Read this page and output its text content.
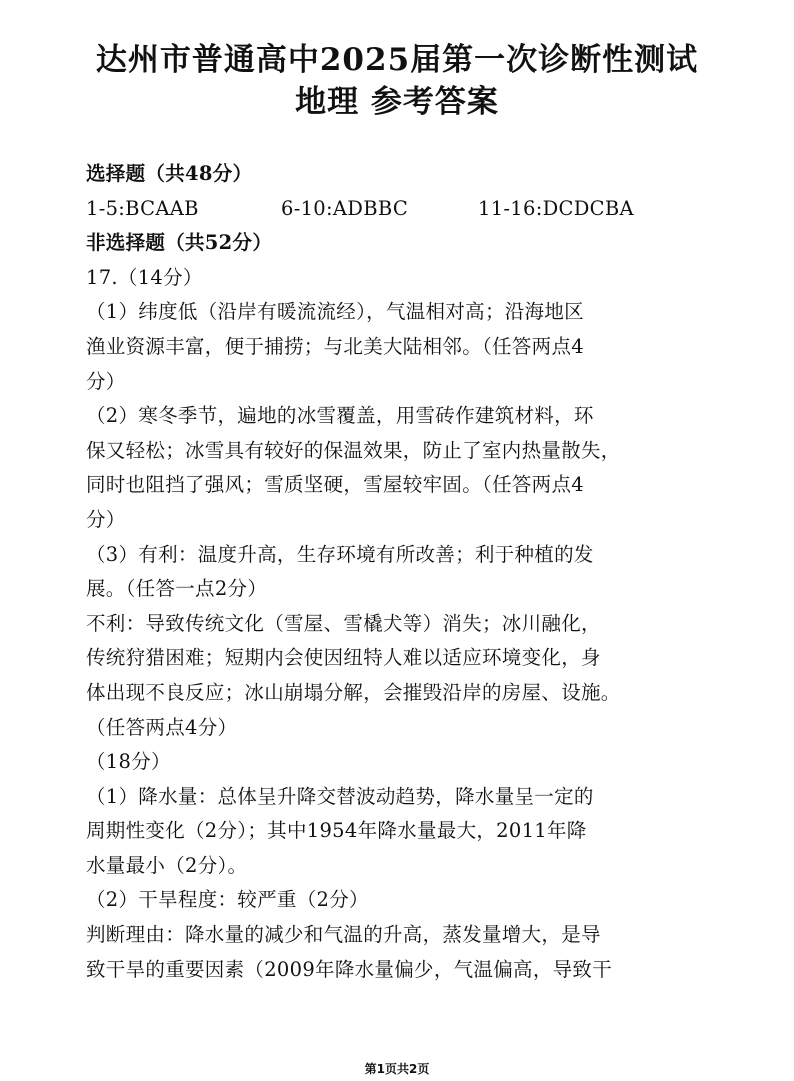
达州市普通高中2025届第一次诊断性测试
地理 参考答案
选择题（共48分）
1-5:BCAAB	6-10:ADBBC	11-16:DCDCBA
非选择题（共52分）
17.（14分）
（1）纬度低（沿岸有暖流流经），气温相对高；沿海地区
渔业资源丰富，便于捕捞；与北美大陆相邻。（任答两点4
分）
（2）寒冬季节，遍地的冰雪覆盖，用雪砖作建筑材料，环
保又轻松；冰雪具有较好的保温效果，防止了室内热量散失，
同时也阻挡了强风；雪质坚硬，雪屋较牢固。（任答两点4
分）
（3）有利：温度升高，生存环境有所改善；利于种植的发
展。（任答一点2分）
不利：导致传统文化（雪屋、雪橇犬等）消失；冰川融化，
传统狩猎困难；短期内会使因纽特人难以适应环境变化，身
体出现不良反应；冰山崩塌分解，会摧毁沿岸的房屋、设施。
（任答两点4分）
（18分）
（1）降水量：总体呈升降交替波动趋势，降水量呈一定的
周期性变化（2分）；其中1954年降水量最大，2011年降
水量最小（2分）。
（2）干旱程度：较严重（2分）
判断理由：降水量的减少和气温的升高，蒸发量增大，是导
致干旱的重要因素（2009年降水量偏少，气温偏高，导致干
第1页共2页
